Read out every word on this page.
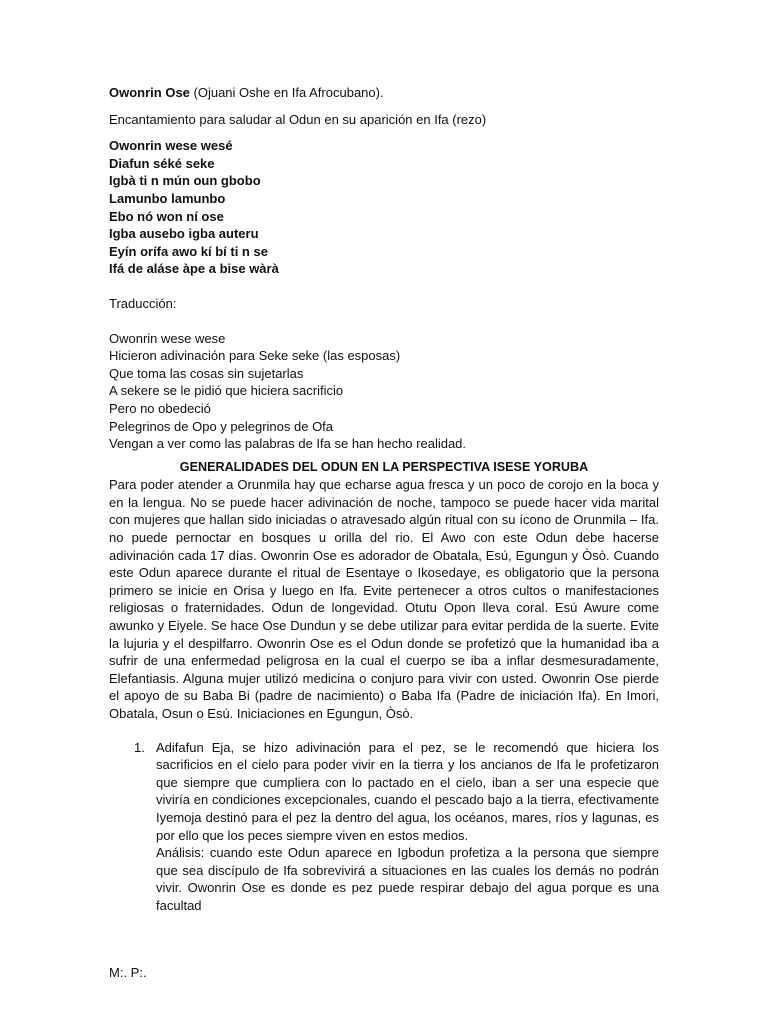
Owonrin Ose (Ojuani Oshe en Ifa Afrocubano).

Encantamiento para saludar al Odun en su aparición en Ifa (rezo)

Owonrin wese wesé

Diafun séké seke

Igbà ti n mún oun gbobo

Lamunbo lamunbo

Ebo nó won ní ose

Igba ausebo igba auteru

Eyín orífa awo kí bí ti n se

Ifá de aláse àpe a bise wàrà

Traducción:

Owonrin wese wese

Hicieron adivinación para Seke seke (las esposas)

Que toma las cosas sin sujetarlas

A sekere se le pidió que hiciera sacrificio

Pero no obedeció

Pelegrinos de Opo y pelegrinos de Ofa

Vengan a ver como las palabras de Ifa se han hecho realidad.

GENERALIDADES DEL ODUN EN LA PERSPECTIVA ISESE YORUBA

Para poder atender a Orunmila hay que echarse agua fresca y un poco de corojo en la boca y en la lengua. No se puede hacer adivinación de noche, tampoco se puede hacer vida marital con mujeres que hallan sido iniciadas o atravesado algún ritual con su ícono de Orunmila – Ifa. no puede pernoctar en bosques u orilla del rio. El Awo con este Odun debe hacerse adivinación cada 17 días. Owonrin Ose es adorador de Obatala, Esú, Egungun y Òsò. Cuando este Odun aparece durante el ritual de Esentaye o Ikosedaye, es obligatorio que la persona primero se inicie en Orisa y luego en Ifa. Evite pertenecer a otros cultos o manifestaciones religiosas o fraternidades. Odun de longevidad. Otutu Opon lleva coral. Esú Awure come awunko y Eiyele. Se hace Ose Dundun y se debe utilizar para evitar perdida de la suerte. Evite la lujuria y el despilfarro. Owonrin Ose es el Odun donde se profetizó que la humanidad iba a sufrir de una enfermedad peligrosa en la cual el cuerpo se iba a inflar desmesuradamente, Elefantiasis. Alguna mujer utilizó medicina o conjuro para vivir con usted. Owonrin Ose pierde el apoyo de su Baba Bi (padre de nacimiento) o Baba Ifa (Padre de iniciación Ifa). En Imori, Obatala, Osun o Esú. Iniciaciones en Egungun, Òsò.

1. Adifafun Eja, se hizo adivinación para el pez, se le recomendó que hiciera los sacrificios en el cielo para poder vivir en la tierra y los ancianos de Ifa le profetizaron que siempre que cumpliera con lo pactado en el cielo, iban a ser una especie que viviría en condiciones excepcionales, cuando el pescado bajo a la tierra, efectivamente Iyemoja destinó para el pez la dentro del agua, los océanos, mares, ríos y lagunas, es por ello que los peces siempre viven en estos medios.

Análisis: cuando este Odun aparece en Igbodun profetiza a la persona que siempre que sea discípulo de Ifa sobrevivirá a situaciones en las cuales los demás no podrán vivir. Owonrin Ose es donde es pez puede respirar debajo del agua porque es una facultad

M:. P:.
